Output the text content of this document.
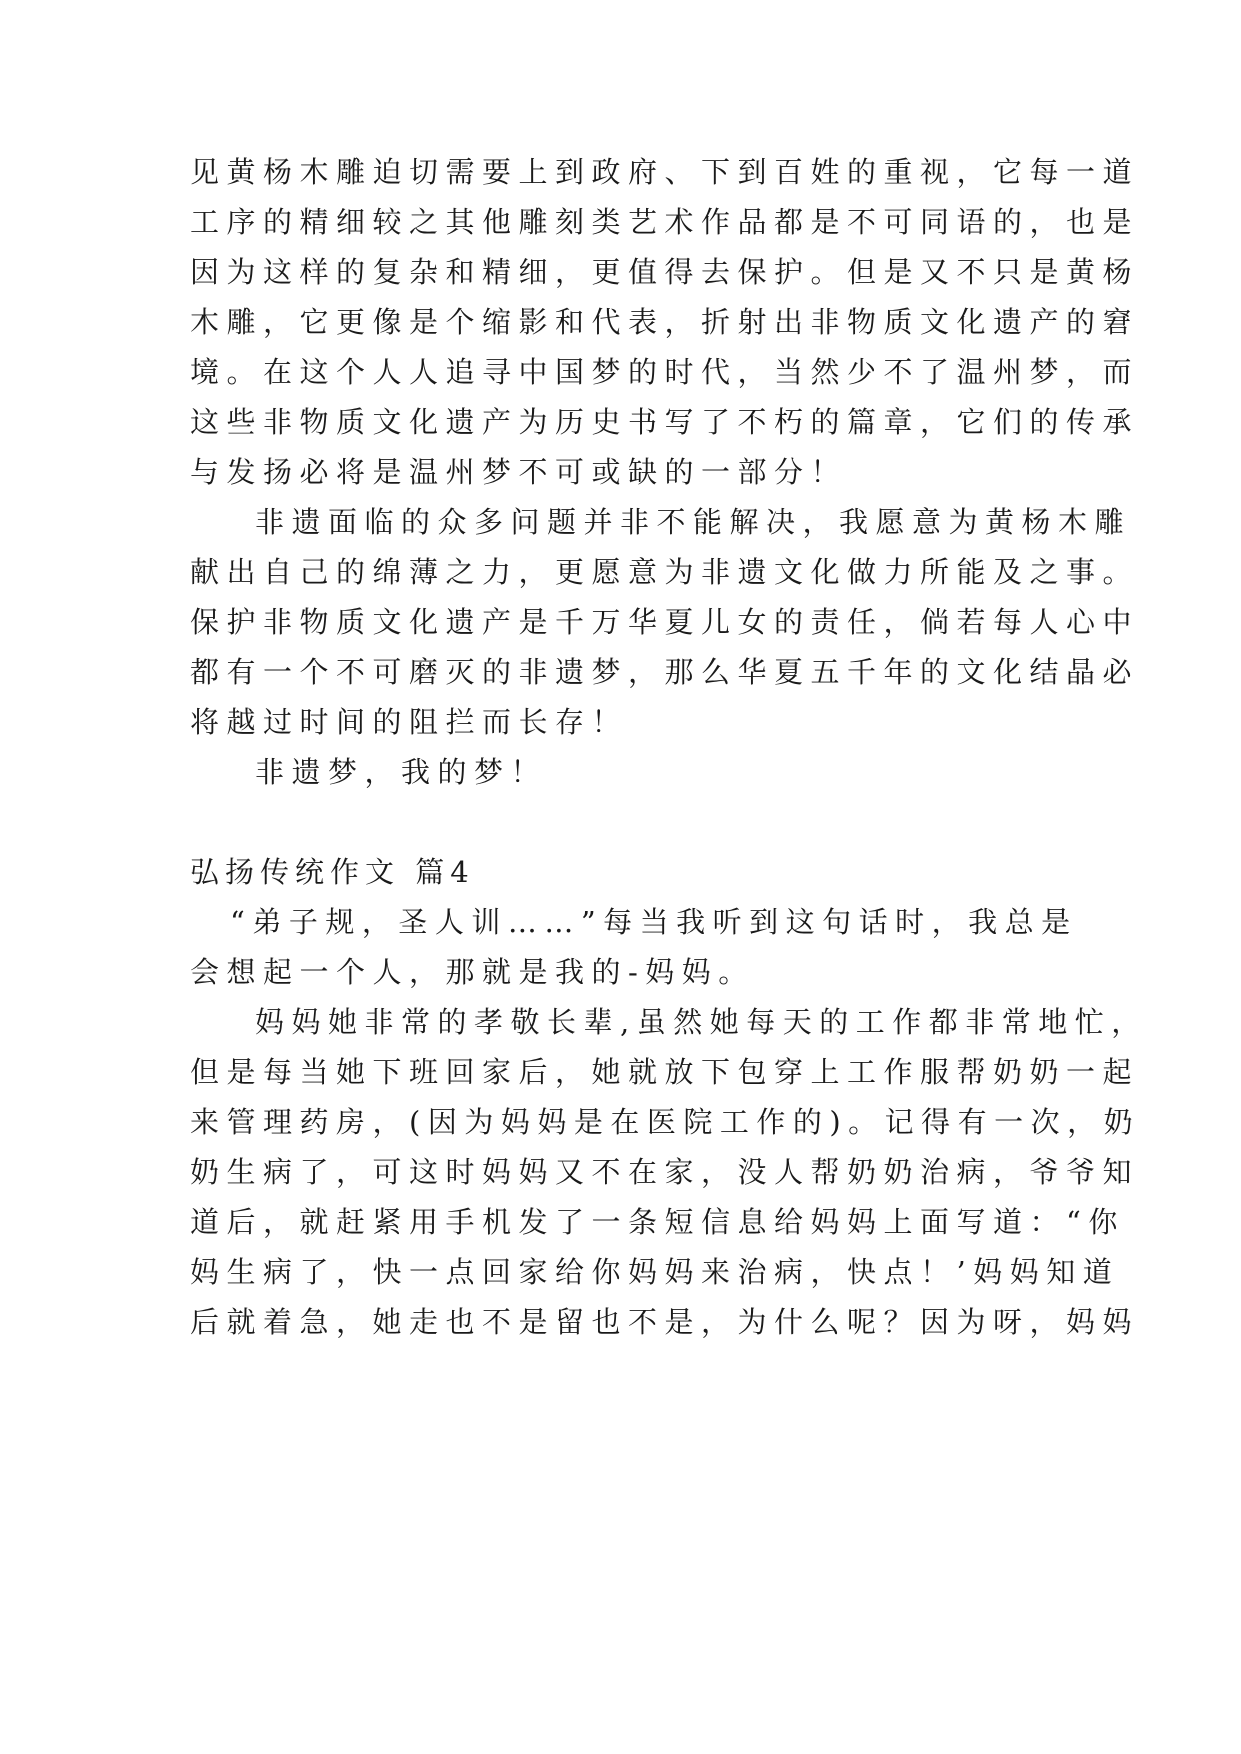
见黄杨木雕迫切需要上到政府、下到百姓的重视，它每一道
工序的精细较之其他雕刻类艺术作品都是不可同语的，也是
因为这样的复杂和精细，更值得去保护。但是又不只是黄杨
木雕，它更像是个缩影和代表，折射出非物质文化遗产的窘
境。在这个人人追寻中国梦的时代，当然少不了温州梦，而
这些非物质文化遗产为历史书写了不朽的篇章，它们的传承
与发扬必将是温州梦不可或缺的一部分！
非遗面临的众多问题并非不能解决，我愿意为黄杨木雕
献出自己的绵薄之力，更愿意为非遗文化做力所能及之事。
保护非物质文化遗产是千万华夏儿女的责任，倘若每人心中
都有一个不可磨灭的非遗梦，那么华夏五千年的文化结晶必
将越过时间的阻拦而长存！
非遗梦，我的梦！
弘扬传统作文 篇4
“弟子规，圣人训……”每当我听到这句话时，我总是
会想起一个人，那就是我的-妈妈。
妈妈她非常的孝敬长辈,虽然她每天的工作都非常地忙，
但是每当她下班回家后，她就放下包穿上工作服帮奶奶一起
来管理药房，(因为妈妈是在医院工作的)。记得有一次，奶
奶生病了，可这时妈妈又不在家，没人帮奶奶治病，爷爷知
道后，就赶紧用手机发了一条短信息给妈妈上面写道：“你
妈生病了，快一点回家给你妈妈来治病，快点！’妈妈知道
后就着急，她走也不是留也不是，为什么呢？因为呀，妈妈
